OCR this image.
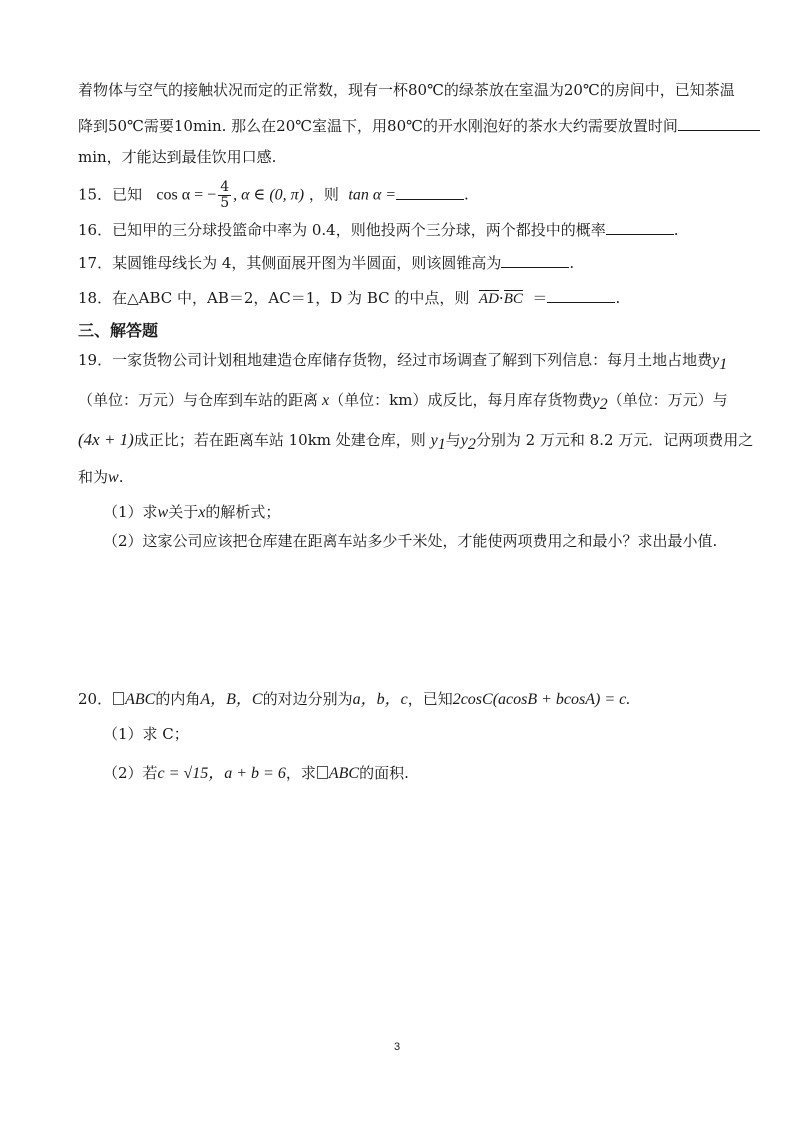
着物体与空气的接触状况而定的正常数，现有一杯80℃的绿茶放在室温为20℃的房间中，已知茶温
降到50℃需要10min. 那么在20℃室温下，用80℃的开水刚泡好的茶水大约需要放置时间
min，才能达到最佳饮用口感.
15．已知 cos α = − $\frac{4}{5}$ , α ∈ (0, π) ，则 tan α =	.
16．已知甲的三分球投篮命中率为 0.4，则他投两个三分球，两个都投中的概率	.
17．某圆锥母线长为 4，其侧面展开图为半圆面，则该圆锥高为	.
18．在△ABC 中，AB＝2，AC＝1，D 为 BC 的中点，则 AD·BC ＝	.
三、解答题
19．一家货物公司计划租地建造仓库储存货物，经过市场调查了解到下列信息：每月土地占地费$y_1$
（单位：万元）与仓库到车站的距离 x（单位：km）成反比，每月库存货物费$y_2$（单位：万元）与
(4x + 1)成正比；若在距离车站 10km 处建仓库，则 $y_1$与$y_2$分别为 2 万元和 8.2 万元．记两项费用之
和为w.
（1）求w关于x的解析式；
（2）这家公司应该把仓库建在距离车站多少千米处，才能使两项费用之和最小？求出最小值.
20． ABC的内角A，B，C的对边分别为a，b，c，已知2cosC(acosB + bcosA) = c.
（1）求 C；
（2）若c = √15，a + b = 6，求 ABC的面积.
3
